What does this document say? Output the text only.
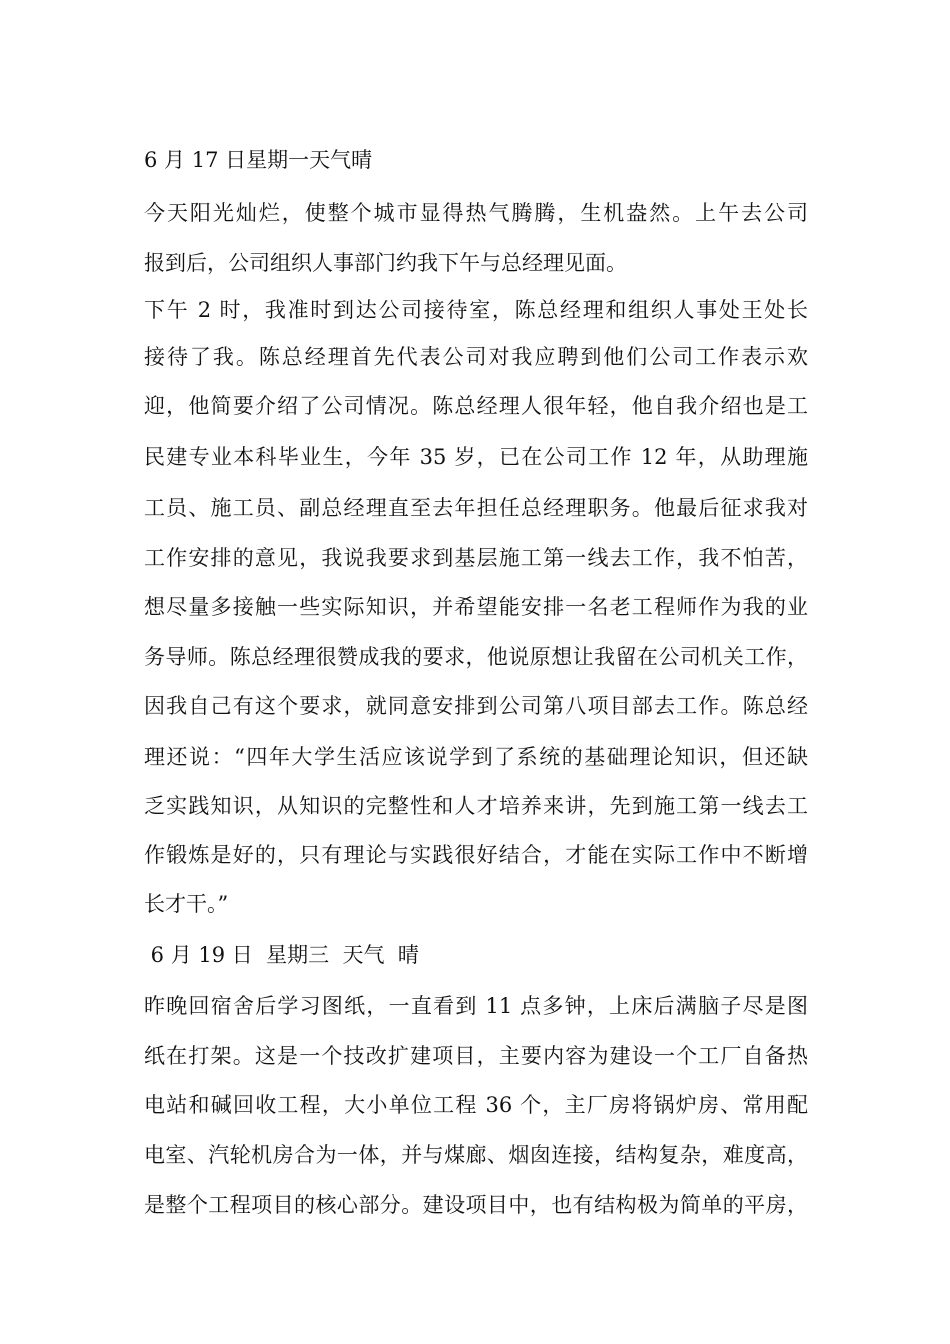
6 月 17 日星期一天气晴
今天阳光灿烂，使整个城市显得热气腾腾，生机盎然。上午去公司
报到后，公司组织人事部门约我下午与总经理见面。
下午 2 时，我准时到达公司接待室，陈总经理和组织人事处王处长
接待了我。陈总经理首先代表公司对我应聘到他们公司工作表示欢
迎，他简要介绍了公司情况。陈总经理人很年轻，他自我介绍也是工
民建专业本科毕业生，今年 35 岁，已在公司工作 12 年，从助理施
工员、施工员、副总经理直至去年担任总经理职务。他最后征求我对
工作安排的意见，我说我要求到基层施工第一线去工作，我不怕苦，
想尽量多接触一些实际知识，并希望能安排一名老工程师作为我的业
务导师。陈总经理很赞成我的要求，他说原想让我留在公司机关工作，
因我自己有这个要求，就同意安排到公司第八项目部去工作。陈总经
理还说：“四年大学生活应该说学到了系统的基础理论知识，但还缺
乏实践知识，从知识的完整性和人才培养来讲，先到施工第一线去工
作锻炼是好的，只有理论与实践很好结合，才能在实际工作中不断增
长才干。”
6 月 19 日  星期三  天气  晴
昨晚回宿舍后学习图纸，一直看到 11 点多钟，上床后满脑子尽是图
纸在打架。这是一个技改扩建项目，主要内容为建设一个工厂自备热
电站和碱回收工程，大小单位工程 36 个，主厂房将锅炉房、常用配
电室、汽轮机房合为一体，并与煤廊、烟囱连接，结构复杂，难度高，
是整个工程项目的核心部分。建设项目中，也有结构极为简单的平房，
